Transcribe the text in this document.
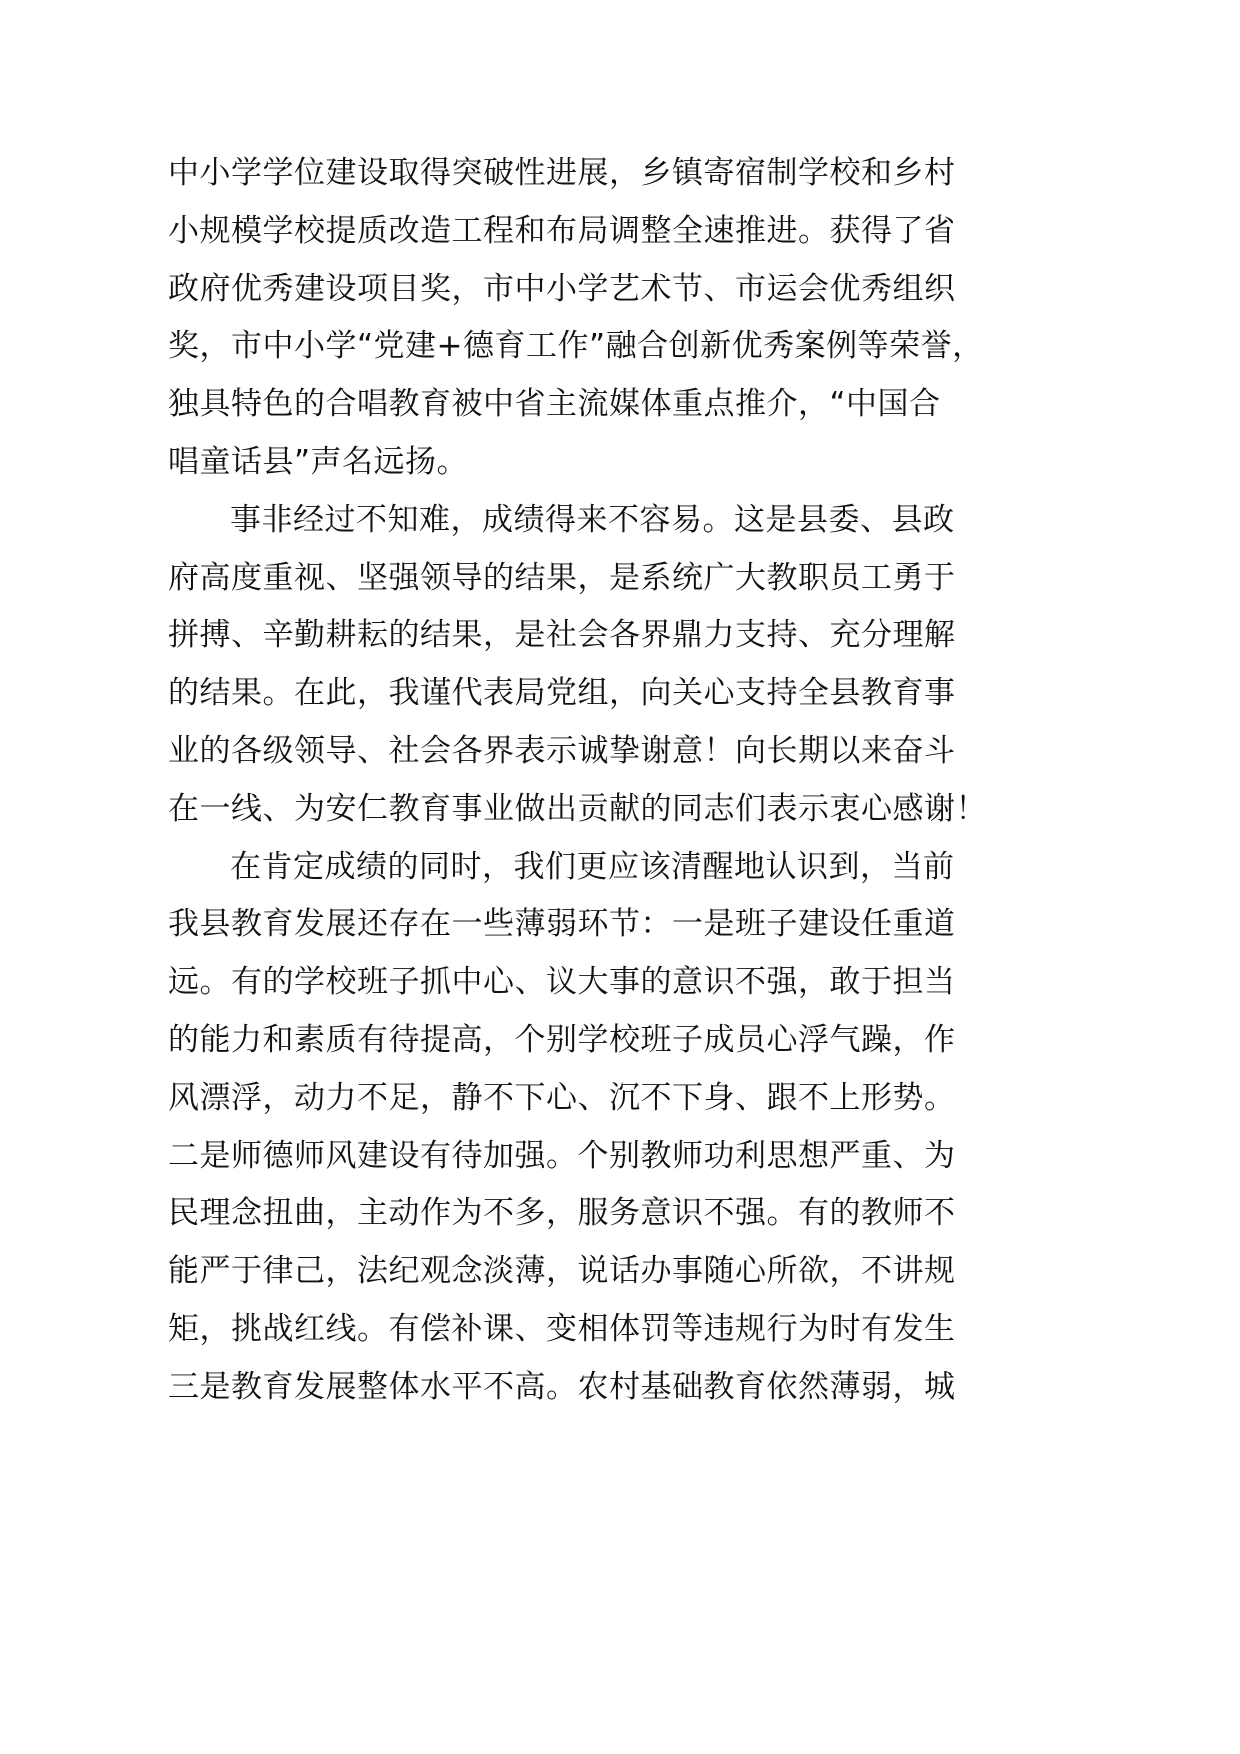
中小学学位建设取得突破性进展，乡镇寄宿制学校和乡村
小规模学校提质改造工程和布局调整全速推进。获得了省
政府优秀建设项目奖，市中小学艺术节、市运会优秀组织
奖，市中小学“党建+德育工作”融合创新优秀案例等荣誉，
独具特色的合唱教育被中省主流媒体重点推介，“中国合
唱童话县”声名远扬。
事非经过不知难，成绩得来不容易。这是县委、县政
府高度重视、坚强领导的结果，是系统广大教职员工勇于
拼搏、辛勤耕耘的结果，是社会各界鼎力支持、充分理解
的结果。在此，我谨代表局党组，向关心支持全县教育事
业的各级领导、社会各界表示诚挚谢意！向长期以来奋斗
在一线、为安仁教育事业做出贡献的同志们表示衷心感谢！
在肯定成绩的同时，我们更应该清醒地认识到，当前
我县教育发展还存在一些薄弱环节：一是班子建设任重道
远。有的学校班子抓中心、议大事的意识不强，敢于担当
的能力和素质有待提高，个别学校班子成员心浮气躁，作
风漂浮，动力不足，静不下心、沉不下身、跟不上形势。
二是师德师风建设有待加强。个别教师功利思想严重、为
民理念扭曲，主动作为不多，服务意识不强。有的教师不
能严于律己，法纪观念淡薄，说话办事随心所欲，不讲规
矩，挑战红线。有偿补课、变相体罚等违规行为时有发生
三是教育发展整体水平不高。农村基础教育依然薄弱，城
